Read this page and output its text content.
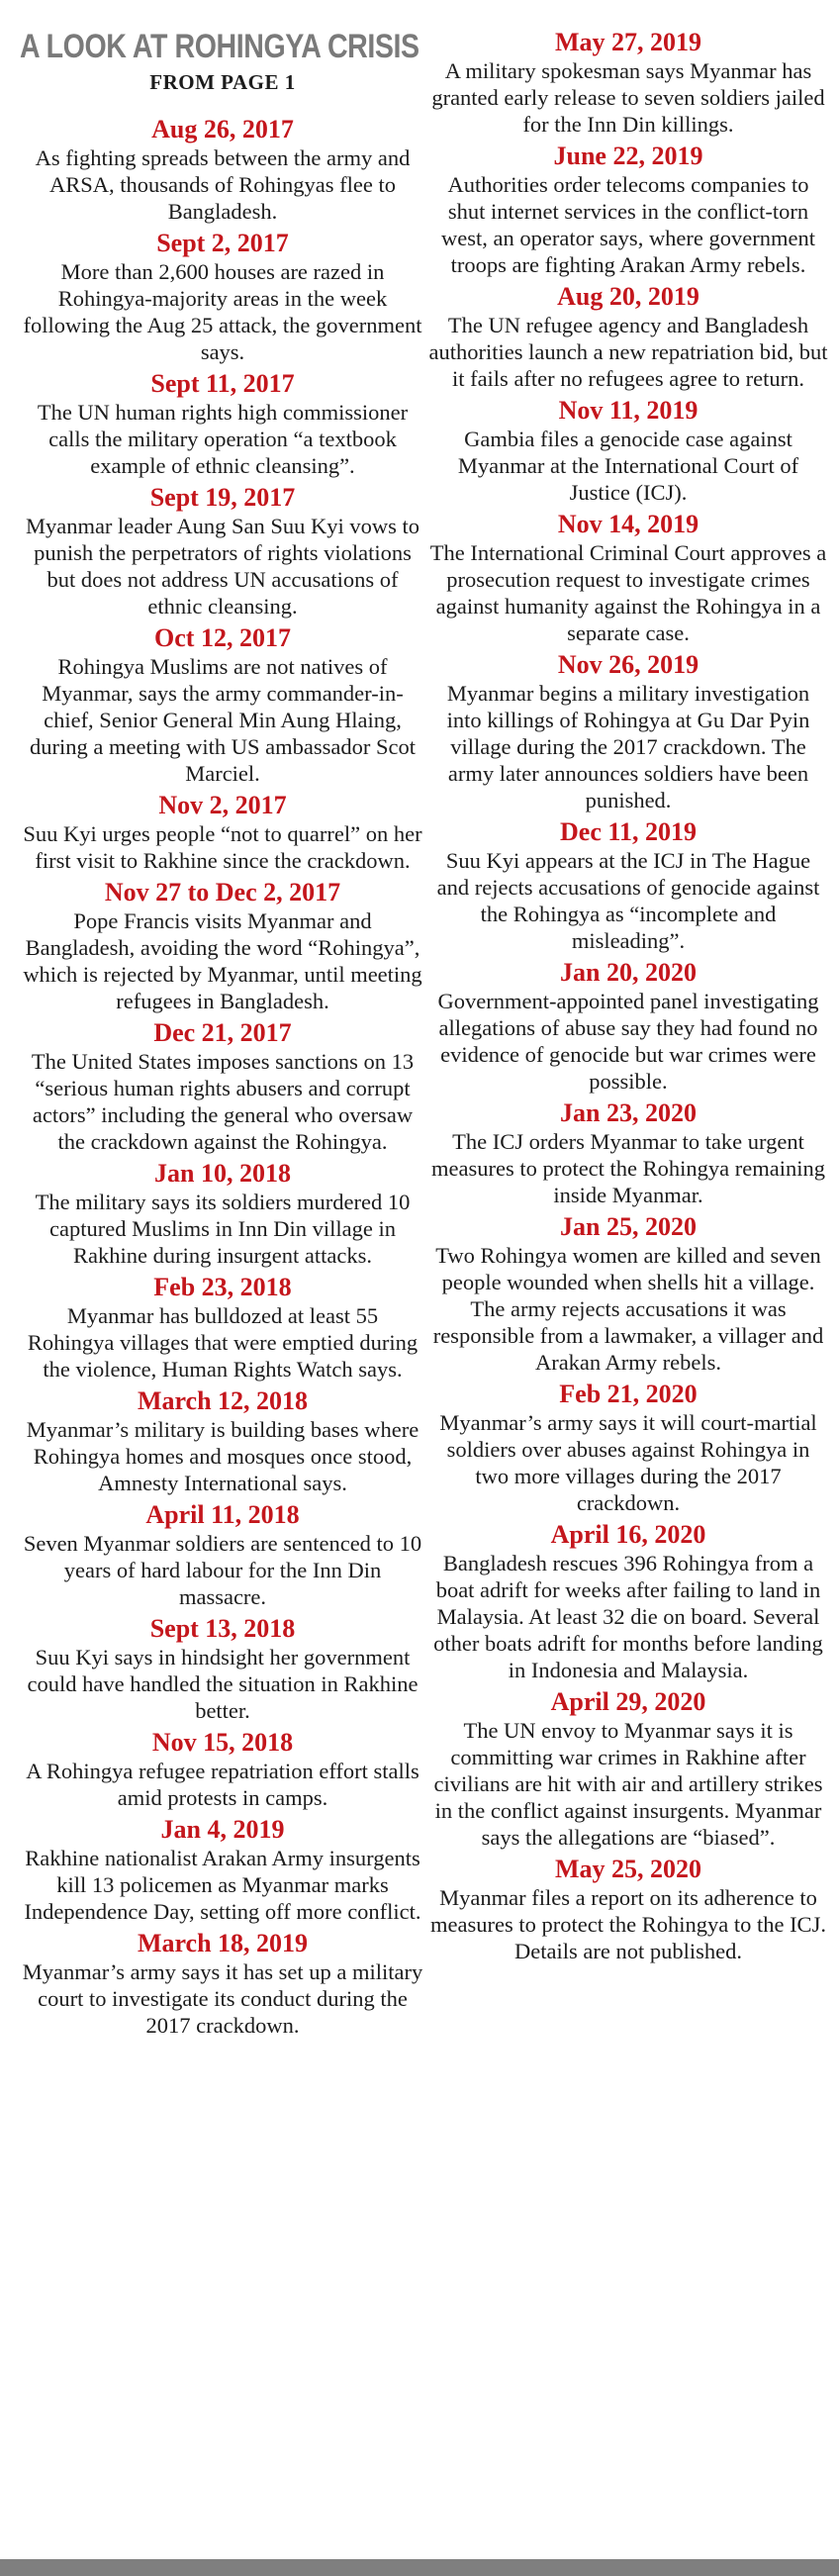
A LOOK AT ROHINGYA CRISIS
FROM PAGE 1
Aug 26, 2017
As fighting spreads between the army and ARSA, thousands of Rohingyas flee to Bangladesh.
Sept 2, 2017
More than 2,600 houses are razed in Rohingya-majority areas in the week following the Aug 25 attack, the government says.
Sept 11, 2017
The UN human rights high commissioner calls the military operation “a textbook example of ethnic cleansing”.
Sept 19, 2017
Myanmar leader Aung San Suu Kyi vows to punish the perpetrators of rights violations but does not address UN accusations of ethnic cleansing.
Oct 12, 2017
Rohingya Muslims are not natives of Myanmar, says the army commander-in-chief, Senior General Min Aung Hlaing, during a meeting with US ambassador Scot Marciel.
Nov 2, 2017
Suu Kyi urges people “not to quarrel” on her first visit to Rakhine since the crackdown.
Nov 27 to Dec 2, 2017
Pope Francis visits Myanmar and Bangladesh, avoiding the word “Rohingya”, which is rejected by Myanmar, until meeting refugees in Bangladesh.
Dec 21, 2017
The United States imposes sanctions on 13 “serious human rights abusers and corrupt actors” including the general who oversaw the crackdown against the Rohingya.
Jan 10, 2018
The military says its soldiers murdered 10 captured Muslims in Inn Din village in Rakhine during insurgent attacks.
Feb 23, 2018
Myanmar has bulldozed at least 55 Rohingya villages that were emptied during the violence, Human Rights Watch says.
March 12, 2018
Myanmar’s military is building bases where Rohingya homes and mosques once stood, Amnesty International says.
April 11, 2018
Seven Myanmar soldiers are sentenced to 10 years of hard labour for the Inn Din massacre.
Sept 13, 2018
Suu Kyi says in hindsight her government could have handled the situation in Rakhine better.
Nov 15, 2018
A Rohingya refugee repatriation effort stalls amid protests in camps.
Jan 4, 2019
Rakhine nationalist Arakan Army insurgents kill 13 policemen as Myanmar marks Independence Day, setting off more conflict.
March 18, 2019
Myanmar’s army says it has set up a military court to investigate its conduct during the 2017 crackdown.
May 27, 2019
A military spokesman says Myanmar has granted early release to seven soldiers jailed for the Inn Din killings.
June 22, 2019
Authorities order telecoms companies to shut internet services in the conflict-torn west, an operator says, where government troops are fighting Arakan Army rebels.
Aug 20, 2019
The UN refugee agency and Bangladesh authorities launch a new repatriation bid, but it fails after no refugees agree to return.
Nov 11, 2019
Gambia files a genocide case against Myanmar at the International Court of Justice (ICJ).
Nov 14, 2019
The International Criminal Court approves a prosecution request to investigate crimes against humanity against the Rohingya in a separate case.
Nov 26, 2019
Myanmar begins a military investigation into killings of Rohingya at Gu Dar Pyin village during the 2017 crackdown. The army later announces soldiers have been punished.
Dec 11, 2019
Suu Kyi appears at the ICJ in The Hague and rejects accusations of genocide against the Rohingya as “incomplete and misleading”.
Jan 20, 2020
Government-appointed panel investigating allegations of abuse say they had found no evidence of genocide but war crimes were possible.
Jan 23, 2020
The ICJ orders Myanmar to take urgent measures to protect the Rohingya remaining inside Myanmar.
Jan 25, 2020
Two Rohingya women are killed and seven people wounded when shells hit a village. The army rejects accusations it was responsible from a lawmaker, a villager and Arakan Army rebels.
Feb 21, 2020
Myanmar’s army says it will court-martial soldiers over abuses against Rohingya in two more villages during the 2017 crackdown.
April 16, 2020
Bangladesh rescues 396 Rohingya from a boat adrift for weeks after failing to land in Malaysia. At least 32 die on board. Several other boats adrift for months before landing in Indonesia and Malaysia.
April 29, 2020
The UN envoy to Myanmar says it is committing war crimes in Rakhine after civilians are hit with air and artillery strikes in the conflict against insurgents. Myanmar says the allegations are “biased”.
May 25, 2020
Myanmar files a report on its adherence to measures to protect the Rohingya to the ICJ. Details are not published.
